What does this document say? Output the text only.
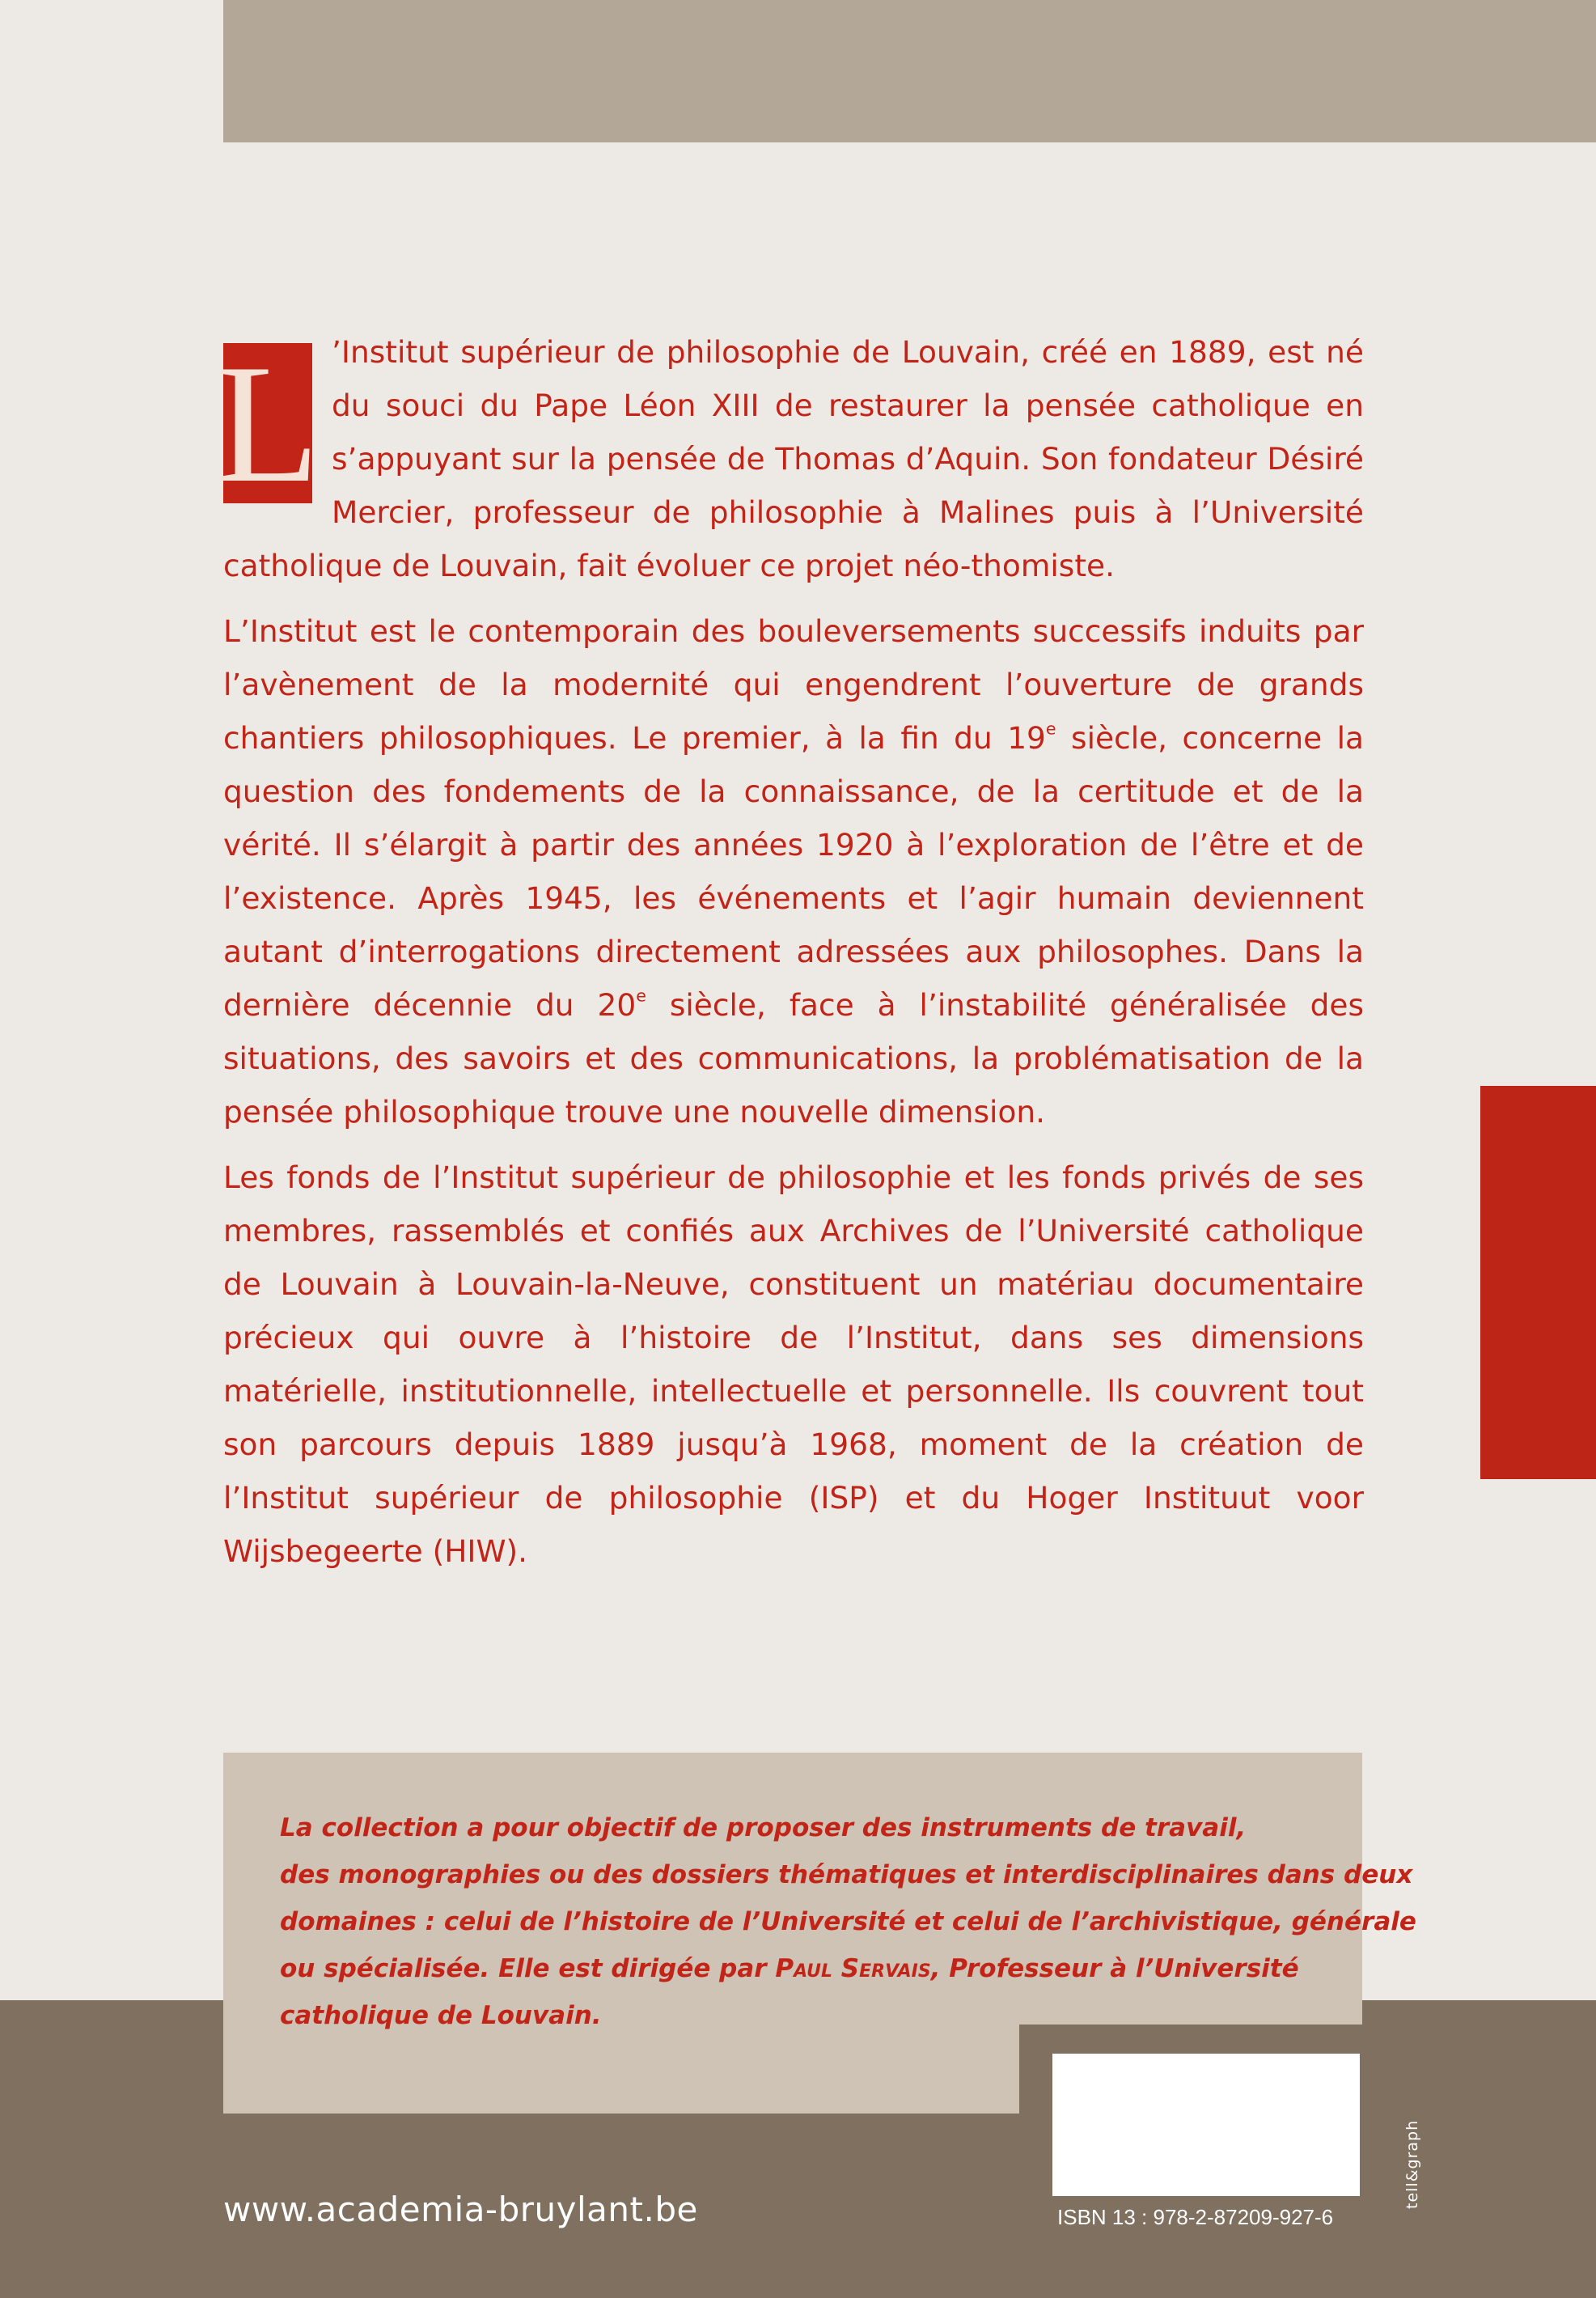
L ’Institut supérieur de philosophie de Louvain, créé en 1889, est né du souci du Pape Léon XIII de restaurer la pensée catholique en s’appuyant sur la pensée de Thomas d’Aquin. Son fondateur Désiré Mercier, professeur de philosophie à Malines puis à l’Université catholique de Louvain, fait évoluer ce projet néo-thomiste.

L’Institut est le contemporain des bouleversements successifs induits par l’avènement de la modernité qui engendrent l’ouverture de grands chantiers philosophiques. Le premier, à la fin du 19e siècle, concerne la question des fondements de la connaissance, de la certitude et de la vérité. Il s’élargit à partir des années 1920 à l’exploration de l’être et de l’existence. Après 1945, les événements et l’agir humain deviennent autant d’interrogations directement adressées aux philosophes. Dans la dernière décennie du 20e siècle, face à l’instabilité généralisée des situations, des savoirs et des communications, la problématisation de la pensée philosophique trouve une nouvelle dimension.

Les fonds de l’Institut supérieur de philosophie et les fonds privés de ses membres, rassemblés et confiés aux Archives de l’Université catholique de Louvain à Louvain-la-Neuve, constituent un matériau documentaire précieux qui ouvre à l’histoire de l’Institut, dans ses dimensions matérielle, institutionnelle, intellectuelle et personnelle. Ils couvrent tout son parcours depuis 1889 jusqu’à 1968, moment de la création de l’Institut supérieur de philosophie (ISP) et du Hoger Instituut voor Wijsbegeerte (HIW).

La collection a pour objectif de proposer des instruments de travail,
des monographies ou des dossiers thématiques et interdisciplinaires dans deux
domaines : celui de l’histoire de l’Université et celui de l’archivistique, générale
ou spécialisée. Elle est dirigée par Paul Servais, Professeur à l’Université
catholique de Louvain.
ISBN 13 : 978-2-87209-927-6
www.academia-bruylant.be
tell&graph
